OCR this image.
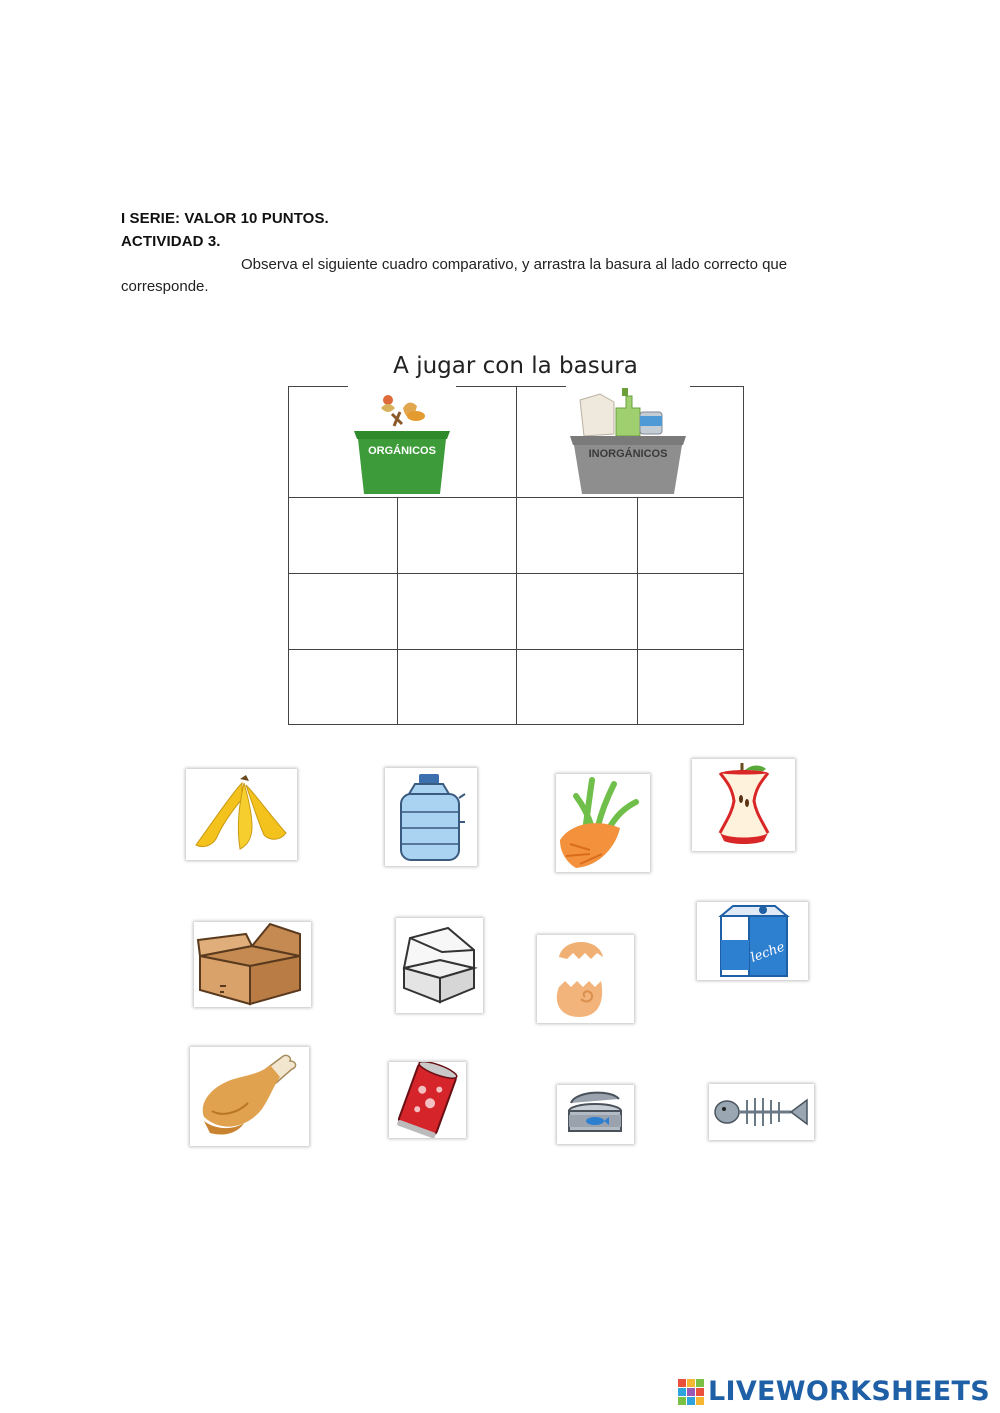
I SERIE: VALOR 10 PUNTOS.
ACTIVIDAD 3.
Observa el siguiente cuadro comparativo, y arrastra la basura al lado correcto que
corresponde.

A jugar con la basura
ORGÁNICOS	INORGÁNICOS
leche
LIVEWORKSHEETS
